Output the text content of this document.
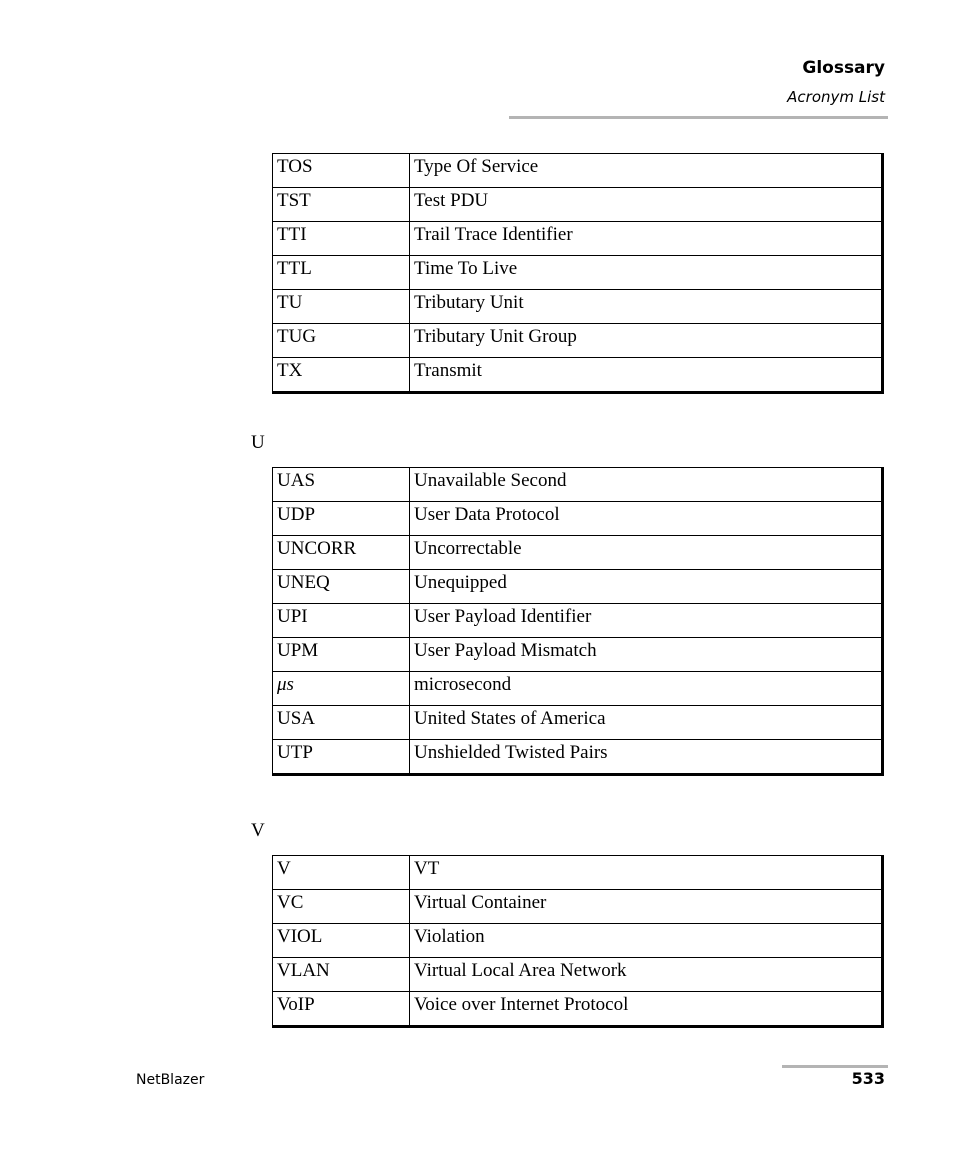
Glossary
Acronym List
TOS	Type Of Service
TST	Test PDU
TTI	Trail Trace Identifier
TTL	Time To Live
TU	Tributary Unit
TUG	Tributary Unit Group
TX	Transmit
U
UAS	Unavailable Second
UDP	User Data Protocol
UNCORR	Uncorrectable
UNEQ	Unequipped
UPI	User Payload Identifier
UPM	User Payload Mismatch
μs	microsecond
USA	United States of America
UTP	Unshielded Twisted Pairs
V
V	VT
VC	Virtual Container
VIOL	Violation
VLAN	Virtual Local Area Network
VoIP	Voice over Internet Protocol
NetBlazer	533
